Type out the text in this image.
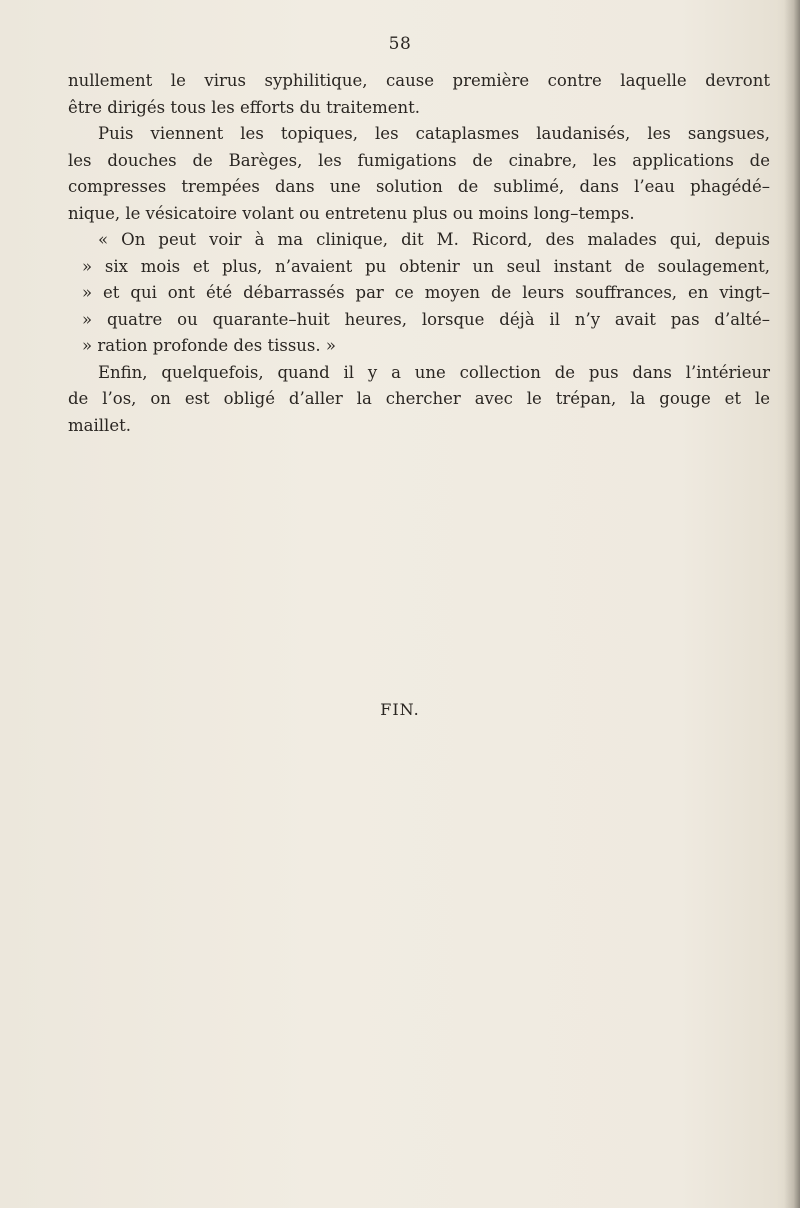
58
nullement le virus syphilitique, cause première contre laquelle devront
être dirigés tous les efforts du traitement.
Puis viennent les topiques, les cataplasmes laudanisés, les sangsues,
les douches de Barèges, les fumigations de cinabre, les applications de
compresses trempées dans une solution de sublimé, dans l’eau phagédé–
nique, le vésicatoire volant ou entretenu plus ou moins long–temps.
« On peut voir à ma clinique, dit M. Ricord, des malades qui, depuis
» six mois et plus, n’avaient pu obtenir un seul instant de soulagement,
» et qui ont été débarrassés par ce moyen de leurs souffrances, en vingt–
» quatre ou quarante–huit heures, lorsque déjà il n’y avait pas d’alté–
» ration profonde des tissus. »
Enfin, quelquefois, quand il y a une collection de pus dans l’intérieur
de l’os, on est obligé d’aller la chercher avec le trépan, la gouge et le
maillet.
FIN.
